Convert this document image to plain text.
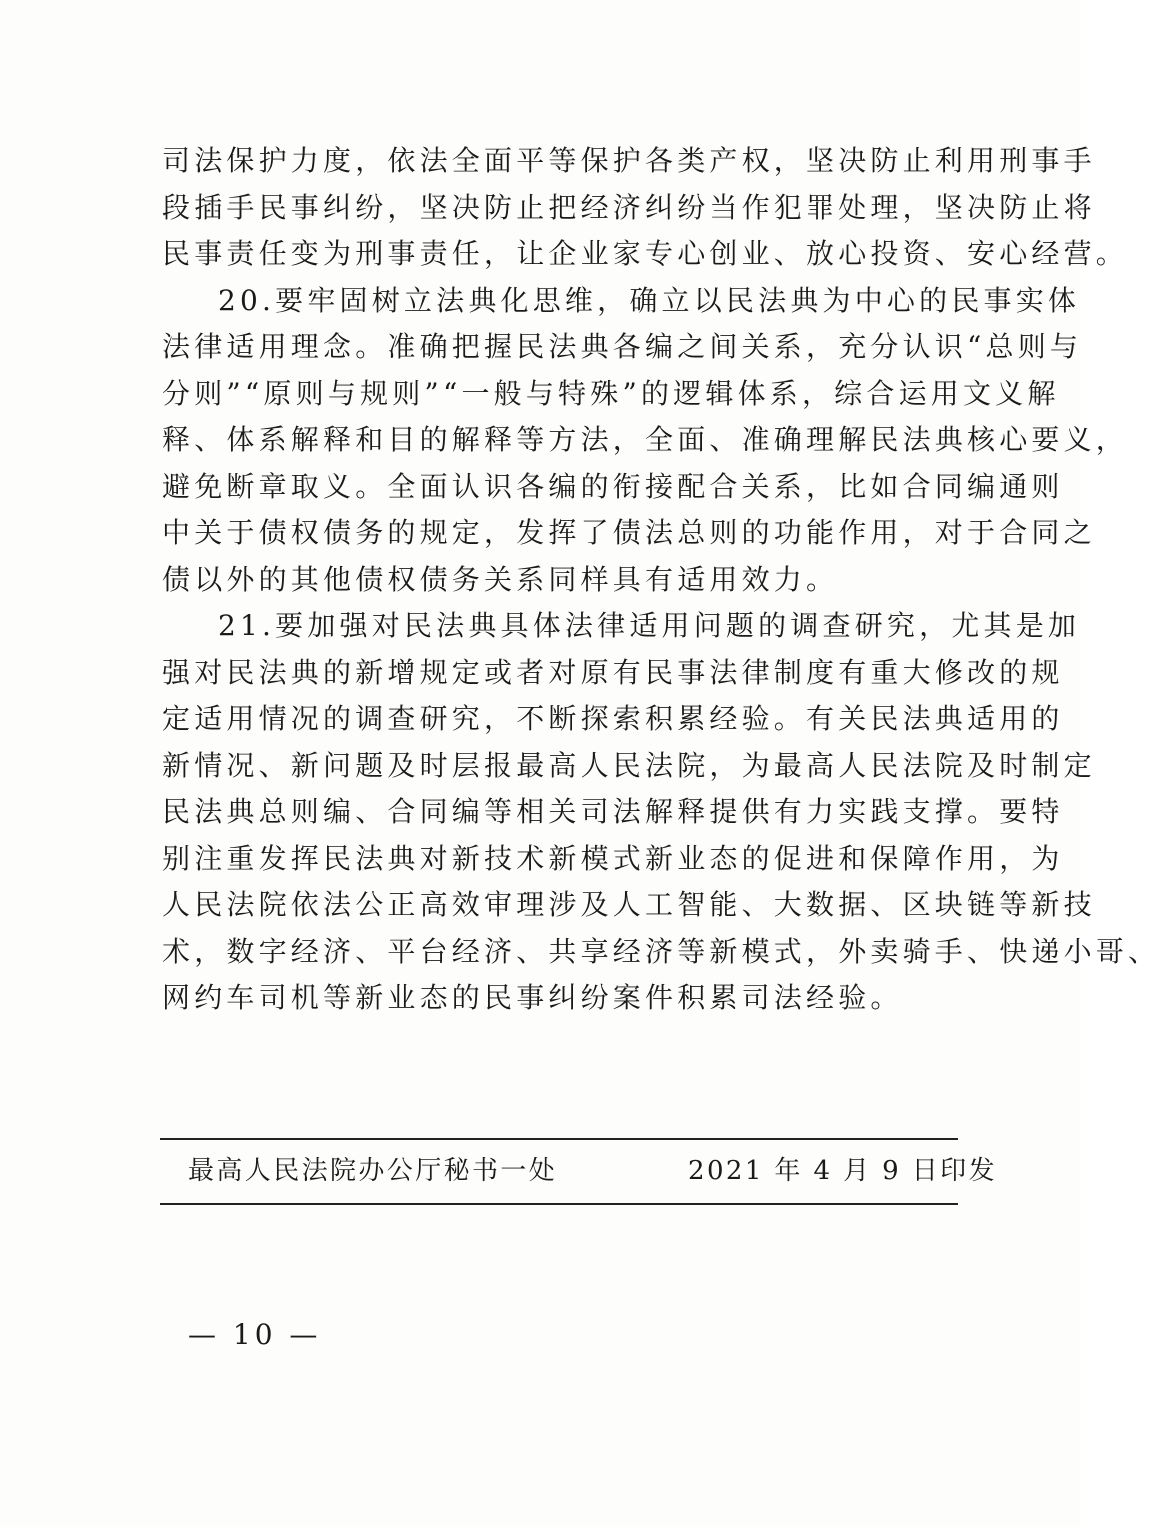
司法保护力度，依法全面平等保护各类产权，坚决防止利用刑事手
段插手民事纠纷，坚决防止把经济纠纷当作犯罪处理，坚决防止将
民事责任变为刑事责任，让企业家专心创业、放心投资、安心经营。
20.要牢固树立法典化思维，确立以民法典为中心的民事实体
法律适用理念。准确把握民法典各编之间关系，充分认识“总则与
分则”“原则与规则”“一般与特殊”的逻辑体系，综合运用文义解
释、体系解释和目的解释等方法，全面、准确理解民法典核心要义，
避免断章取义。全面认识各编的衔接配合关系，比如合同编通则
中关于债权债务的规定，发挥了债法总则的功能作用，对于合同之
债以外的其他债权债务关系同样具有适用效力。
21.要加强对民法典具体法律适用问题的调查研究，尤其是加
强对民法典的新增规定或者对原有民事法律制度有重大修改的规
定适用情况的调查研究，不断探索积累经验。有关民法典适用的
新情况、新问题及时层报最高人民法院，为最高人民法院及时制定
民法典总则编、合同编等相关司法解释提供有力实践支撑。要特
别注重发挥民法典对新技术新模式新业态的促进和保障作用，为
人民法院依法公正高效审理涉及人工智能、大数据、区块链等新技
术，数字经济、平台经济、共享经济等新模式，外卖骑手、快递小哥、
网约车司机等新业态的民事纠纷案件积累司法经验。
最高人民法院办公厅秘书一处	2021 年 4 月 9 日印发
— 10 —
